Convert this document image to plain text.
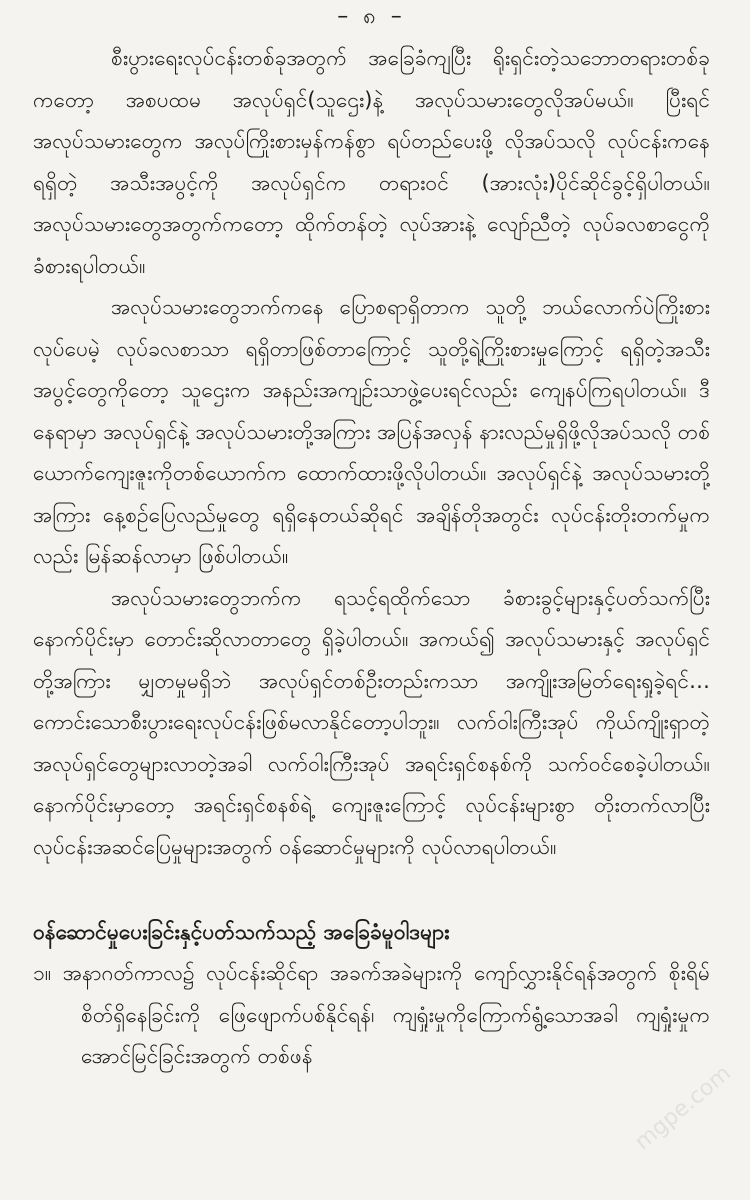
– ၈ –

စီးပွားရေးလုပ်ငန်းတစ်ခုအတွက် အခြေခံကျပြီး ရိုးရှင်းတဲ့သဘောတရားတစ်ခုကတော့ အစပထမ အလုပ်ရှင်(သူဌေး)နဲ့ အလုပ်သမားတွေလိုအပ်မယ်။ ပြီးရင် အလုပ်သမားတွေက အလုပ်ကြိုးစားမှန်ကန်စွာ ရပ်တည်ပေးဖို့ လိုအပ်သလို လုပ်ငန်းကနေရရှိတဲ့ အသီးအပွင့်ကို အလုပ်ရှင်က တရားဝင် (အားလုံး)ပိုင်ဆိုင်ခွင့်ရှိပါတယ်။ အလုပ်သမားတွေအတွက်ကတော့ ထိုက်တန်တဲ့ လုပ်အားနဲ့ လျော်ညီတဲ့ လုပ်ခလစာငွေကို ခံစားရပါတယ်။

အလုပ်သမားတွေဘက်ကနေ ပြောစရာရှိတာက သူတို့ ဘယ်လောက်ပဲကြိုးစားလုပ်ပေမဲ့ လုပ်ခလစာသာ ရရှိတာဖြစ်တာကြောင့် သူတို့ရဲ့ကြိုးစားမှုကြောင့် ရရှိတဲ့အသီးအပွင့်တွေကိုတော့ သူဌေးက အနည်းအကျဉ်းသာဖွဲ့ပေးရင်လည်း ကျေနပ်ကြရပါတယ်။ ဒီနေရာမှာ အလုပ်ရှင်နဲ့ အလုပ်သမားတို့အကြား အပြန်အလှန် နားလည်မှုရှိဖို့လိုအပ်သလို တစ်ယောက်ကျေးဇူးကိုတစ်ယောက်က ထောက်ထားဖို့လိုပါတယ်။ အလုပ်ရှင်နဲ့ အလုပ်သမားတို့အကြား နေ့စဉ်ပြေလည်မှုတွေ ရရှိနေတယ်ဆိုရင် အချိန်တိုအတွင်း လုပ်ငန်းတိုးတက်မှုကလည်း မြန်ဆန်လာမှာ ဖြစ်ပါတယ်။

အလုပ်သမားတွေဘက်က ရသင့်ရထိုက်သော ခံစားခွင့်များနှင့်ပတ်သက်ပြီး နောက်ပိုင်းမှာ တောင်းဆိုလာတာတွေ ရှိခဲ့ပါတယ်။ အကယ်၍ အလုပ်သမားနှင့် အလုပ်ရှင်တို့အကြား မျှတမှုမရှိဘဲ အလုပ်ရှင်တစ်ဦးတည်းကသာ အကျိုးအမြတ်ရေးရှုခဲ့ရင်…ကောင်းသောစီးပွားရေးလုပ်ငန်းဖြစ်မလာနိုင်တော့ပါဘူး။ လက်ဝါးကြီးအုပ် ကိုယ်ကျိုးရှာတဲ့ အလုပ်ရှင်တွေများလာတဲ့အခါ လက်ဝါးကြီးအုပ် အရင်းရှင်စနစ်ကို သက်ဝင်စေခဲ့ပါတယ်။ နောက်ပိုင်းမှာတော့ အရင်းရှင်စနစ်ရဲ့ ကျေးဇူးကြောင့် လုပ်ငန်းများစွာ တိုးတက်လာပြီး လုပ်ငန်းအဆင်ပြေမှုများအတွက် ဝန်ဆောင်မှုများကို လုပ်လာရပါတယ်။

ဝန်ဆောင်မှုပေးခြင်းနှင့်ပတ်သက်သည့် အခြေခံမူဝါဒများ

၁။ အနာဂတ်ကာလ၌ လုပ်ငန်းဆိုင်ရာ အခက်အခဲများကို ကျော်လွှားနိုင်ရန်အတွက် စိုးရိမ်စိတ်ရှိနေခြင်းကို ဖြေဖျောက်ပစ်နိုင်ရန်၊ ကျရှုံးမှုကိုကြောက်ရွံ့သောအခါ ကျရှုံးမှုက အောင်မြင်ခြင်းအတွက် တစ်ဖန်

mgpe.com
